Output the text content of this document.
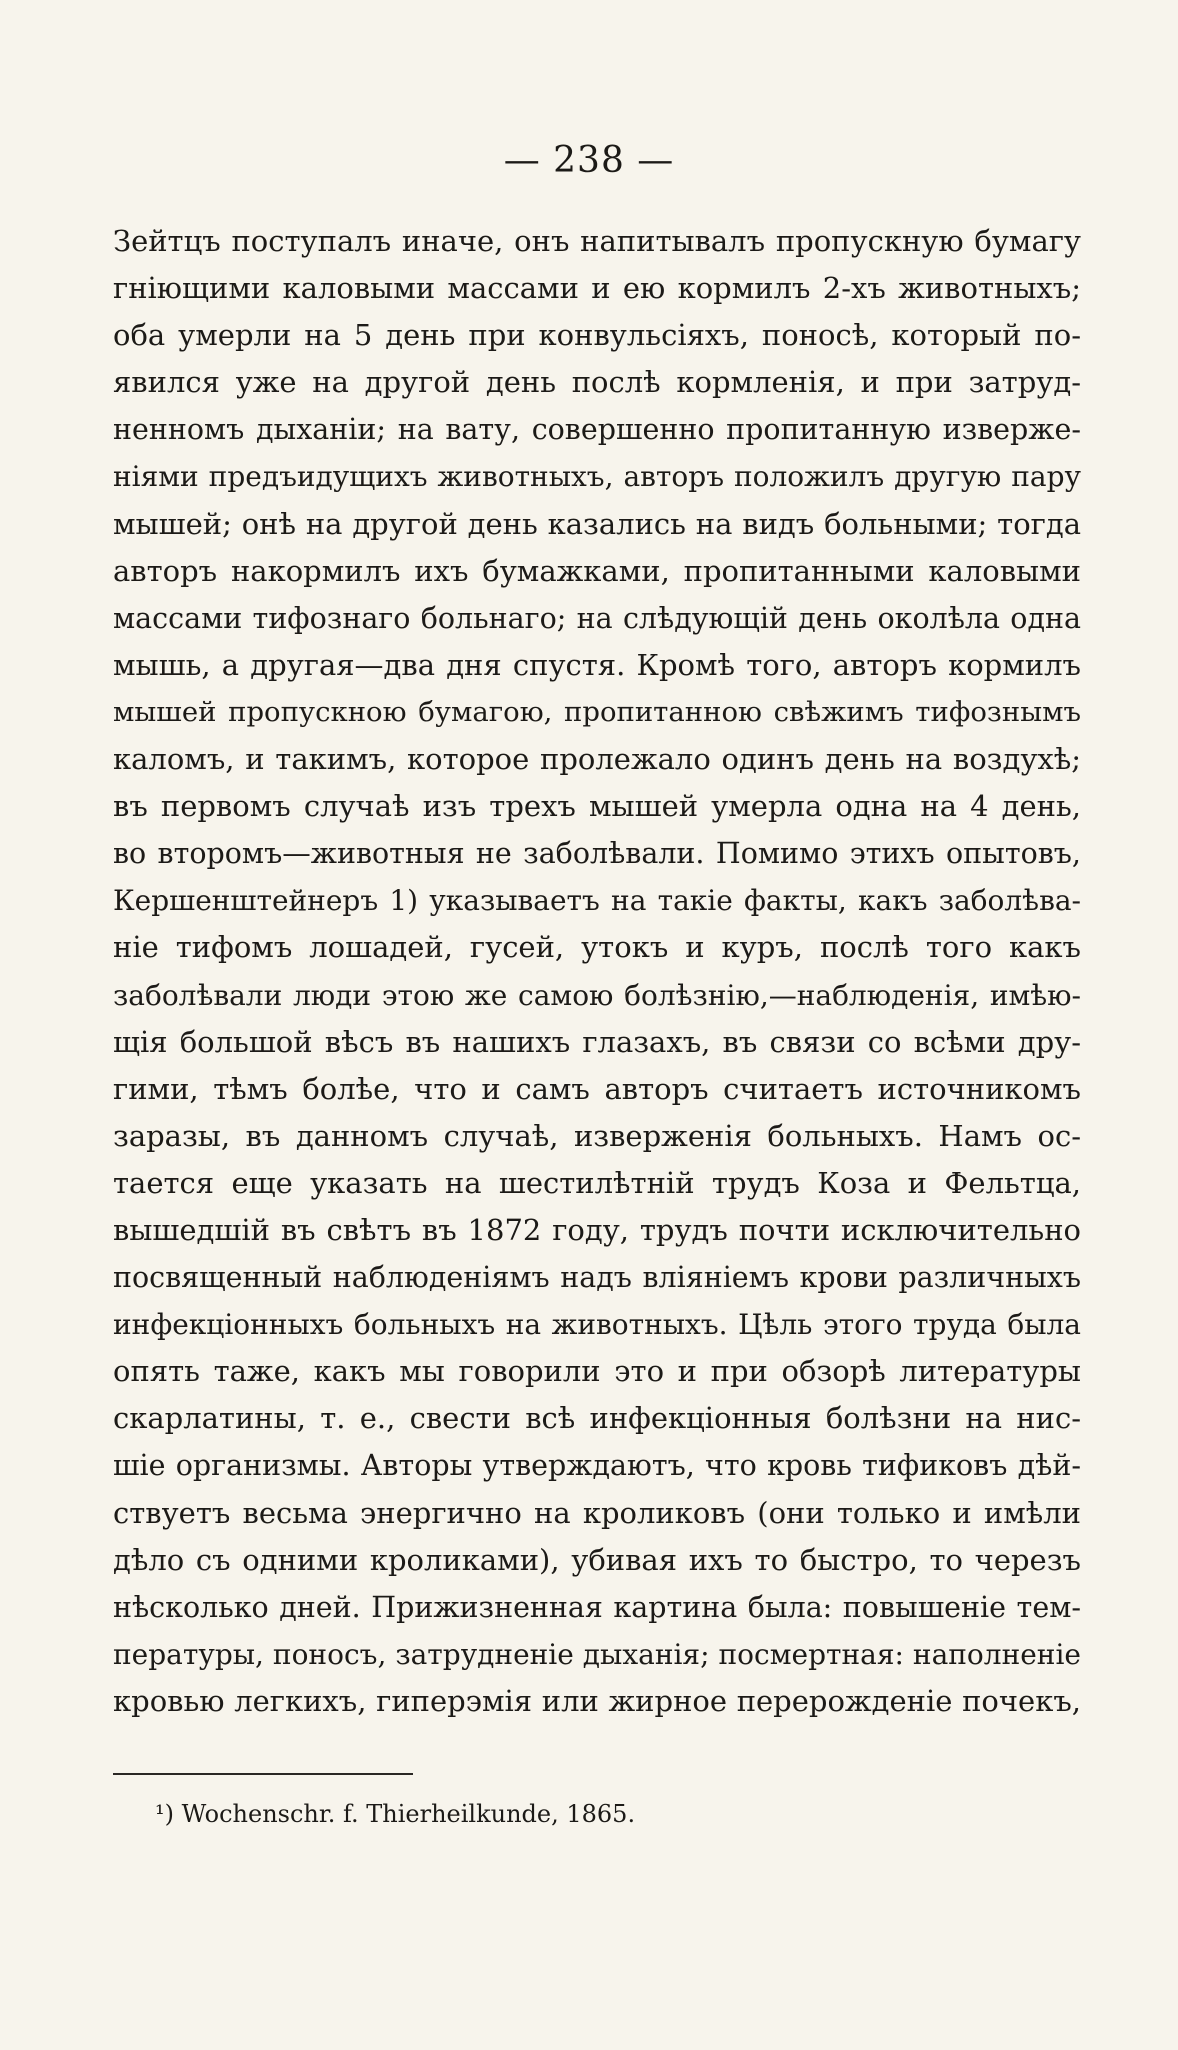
— 238 —
Зейтцъ поступалъ иначе, онъ напитывалъ пропускную бумагу
гніющими каловыми массами и ею кормилъ 2-хъ животныхъ;
оба умерли на 5 день при конвульсіяхъ, поносѣ, который по-
явился уже на другой день послѣ кормленія, и при затруд-
ненномъ дыханіи; на вату, совершенно пропитанную изверже-
ніями предъидущихъ животныхъ, авторъ положилъ другую пару
мышей; онѣ на другой день казались на видъ больными; тогда
авторъ накормилъ ихъ бумажками, пропитанными каловыми
массами тифознаго больнаго; на слѣдующій день околѣла одна
мышь, а другая—два дня спустя. Кромѣ того, авторъ кормилъ
мышей пропускною бумагою, пропитанною свѣжимъ тифознымъ
каломъ, и такимъ, которое пролежало одинъ день на воздухѣ;
въ первомъ случаѣ изъ трехъ мышей умерла одна на 4 день,
во второмъ—животныя не заболѣвали. Помимо этихъ опытовъ,
Кершенштейнеръ 1) указываетъ на такіе факты, какъ заболѣва-
ніе тифомъ лошадей, гусей, утокъ и куръ, послѣ того какъ
заболѣвали люди этою же самою болѣзнію,—наблюденія, имѣю-
щія большой вѣсъ въ нашихъ глазахъ, въ связи со всѣми дру-
гими, тѣмъ болѣе, что и самъ авторъ считаетъ источникомъ
заразы, въ данномъ случаѣ, изверженія больныхъ. Намъ ос-
тается еще указать на шестилѣтній трудъ Коза и Фельтца,
вышедшій въ свѣтъ въ 1872 году, трудъ почти исключительно
посвященный наблюденіямъ надъ вліяніемъ крови различныхъ
инфекціонныхъ больныхъ на животныхъ. Цѣль этого труда была
опять таже, какъ мы говорили это и при обзорѣ литературы
скарлатины, т. е., свести всѣ инфекціонныя болѣзни на нис-
шіе организмы. Авторы утверждаютъ, что кровь тификовъ дѣй-
ствуетъ весьма энергично на кроликовъ (они только и имѣли
дѣло съ одними кроликами), убивая ихъ то быстро, то черезъ
нѣсколько дней. Прижизненная картина была: повышеніе тем-
пературы, поносъ, затрудненіе дыханія; посмертная: наполненіе
кровью легкихъ, гиперэмія или жирное перерожденіе почекъ,
¹) Wochenschr. f. Thierheilkunde, 1865.
